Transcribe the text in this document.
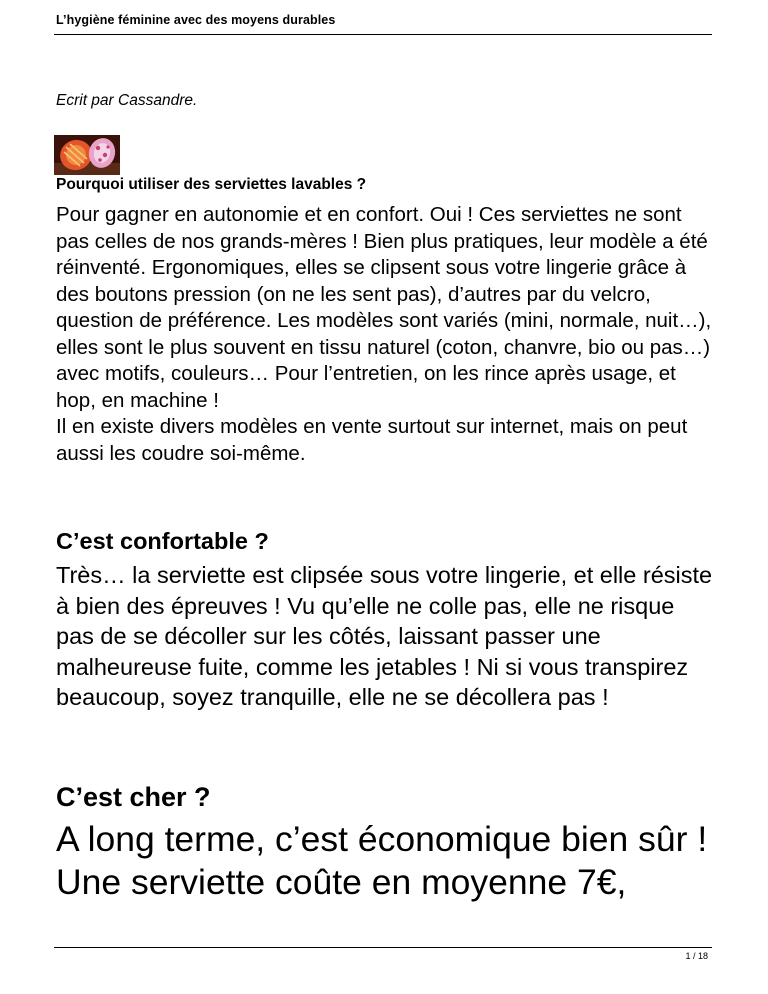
L’hygiène féminine avec des moyens durables
Ecrit par Cassandre.
Pourquoi utiliser des serviettes lavables ?

Pour gagner en autonomie et en confort. Oui ! Ces serviettes ne sont pas celles de nos grands-mères ! Bien plus pratiques, leur modèle a été réinventé. Ergonomiques, elles se clipsent sous votre lingerie grâce à des boutons pression (on ne les sent pas), d’autres par du velcro, question de préférence. Les modèles sont variés (mini, normale, nuit…), elles sont le plus souvent en tissu naturel (coton, chanvre, bio ou pas…) avec motifs, couleurs… Pour l’entretien, on les rince après usage, et hop, en machine !

Il en existe divers modèles en vente surtout sur internet, mais on peut aussi les coudre soi-même.

C’est confortable ?
Très… la serviette est clipsée sous votre lingerie, et elle résiste à bien des épreuves ! Vu qu’elle ne colle pas, elle ne risque pas de se décoller sur les côtés, laissant passer une malheureuse fuite, comme les jetables ! Ni si vous transpirez beaucoup, soyez tranquille, elle ne se décollera pas !
C’est cher ?
A long terme, c’est économique bien sûr ! Une serviette coûte en moyenne 7€,
1 / 18
